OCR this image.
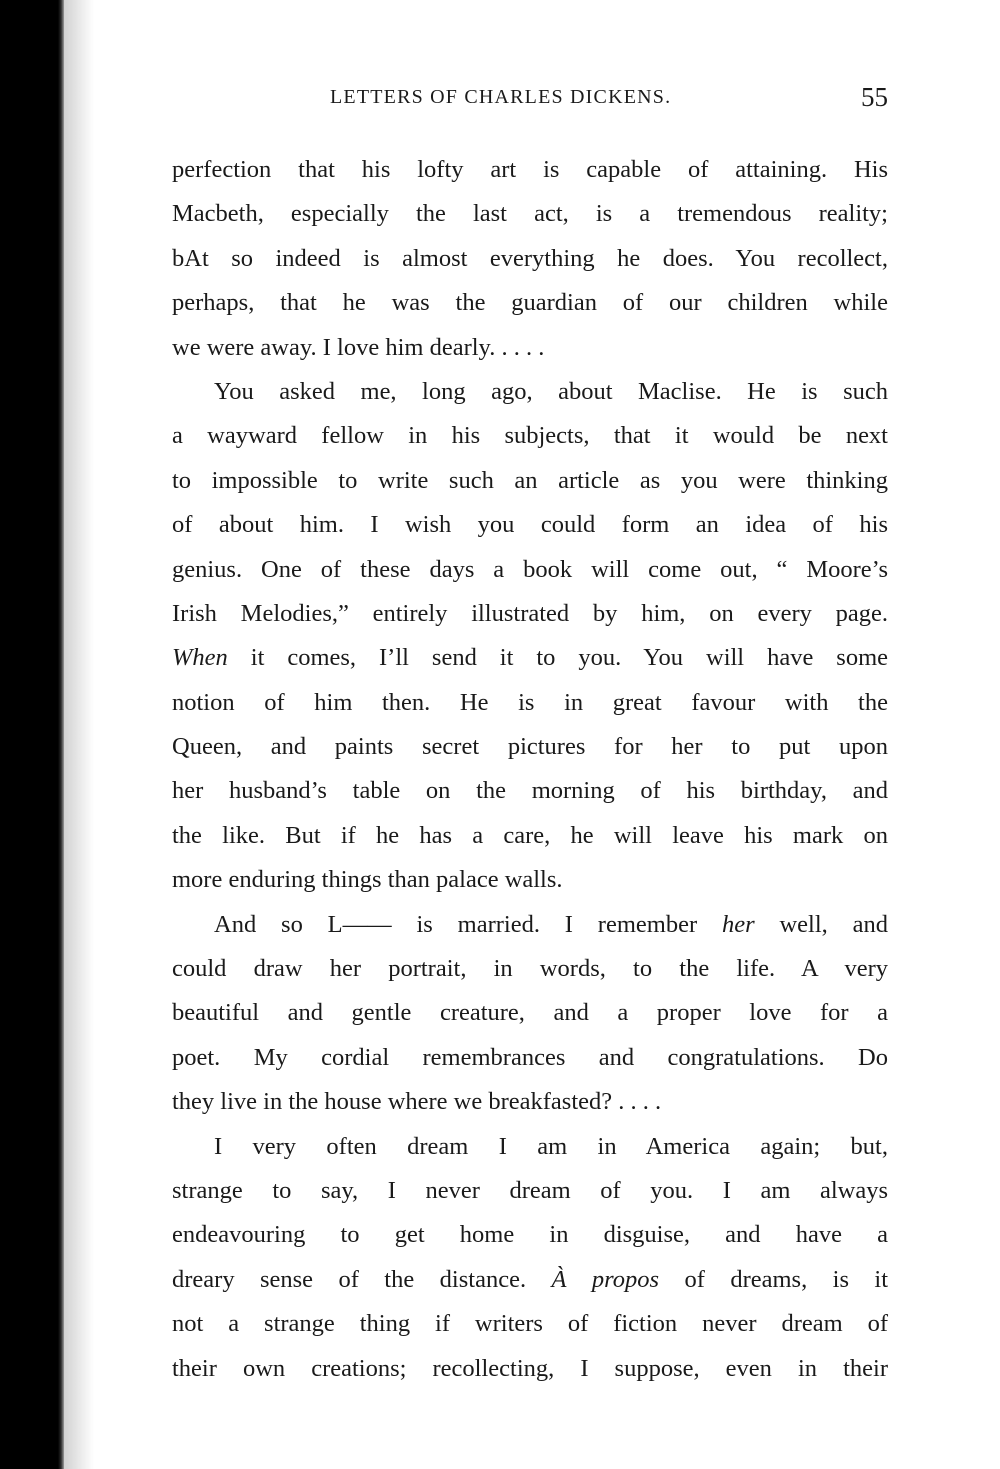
LETTERS OF CHARLES DICKENS.	55
perfection that his lofty art is capable of attaining. His
Macbeth, especially the last act, is a tremendous reality;
bAt so indeed is almost everything he does. You recollect,
perhaps, that he was the guardian of our children while
we were away. I love him dearly. . . . .
You asked me, long ago, about Maclise. He is such
a wayward fellow in his subjects, that it would be next
to impossible to write such an article as you were thinking
of about him. I wish you could form an idea of his
genius. One of these days a book will come out, “ Moore’s
Irish Melodies,” entirely illustrated by him, on every page.
When it comes, I’ll send it to you. You will have some
notion of him then. He is in great favour with the
Queen, and paints secret pictures for her to put upon
her husband’s table on the morning of his birthday, and
the like. But if he has a care, he will leave his mark on
more enduring things than palace walls.
And so L—— is married. I remember her well, and
could draw her portrait, in words, to the life. A very
beautiful and gentle creature, and a proper love for a
poet. My cordial remembrances and congratulations. Do
they live in the house where we breakfasted? . . . .
I very often dream I am in America again; but,
strange to say, I never dream of you. I am always
endeavouring to get home in disguise, and have a
dreary sense of the distance. À propos of dreams, is it
not a strange thing if writers of fiction never dream of
their own creations; recollecting, I suppose, even in their
